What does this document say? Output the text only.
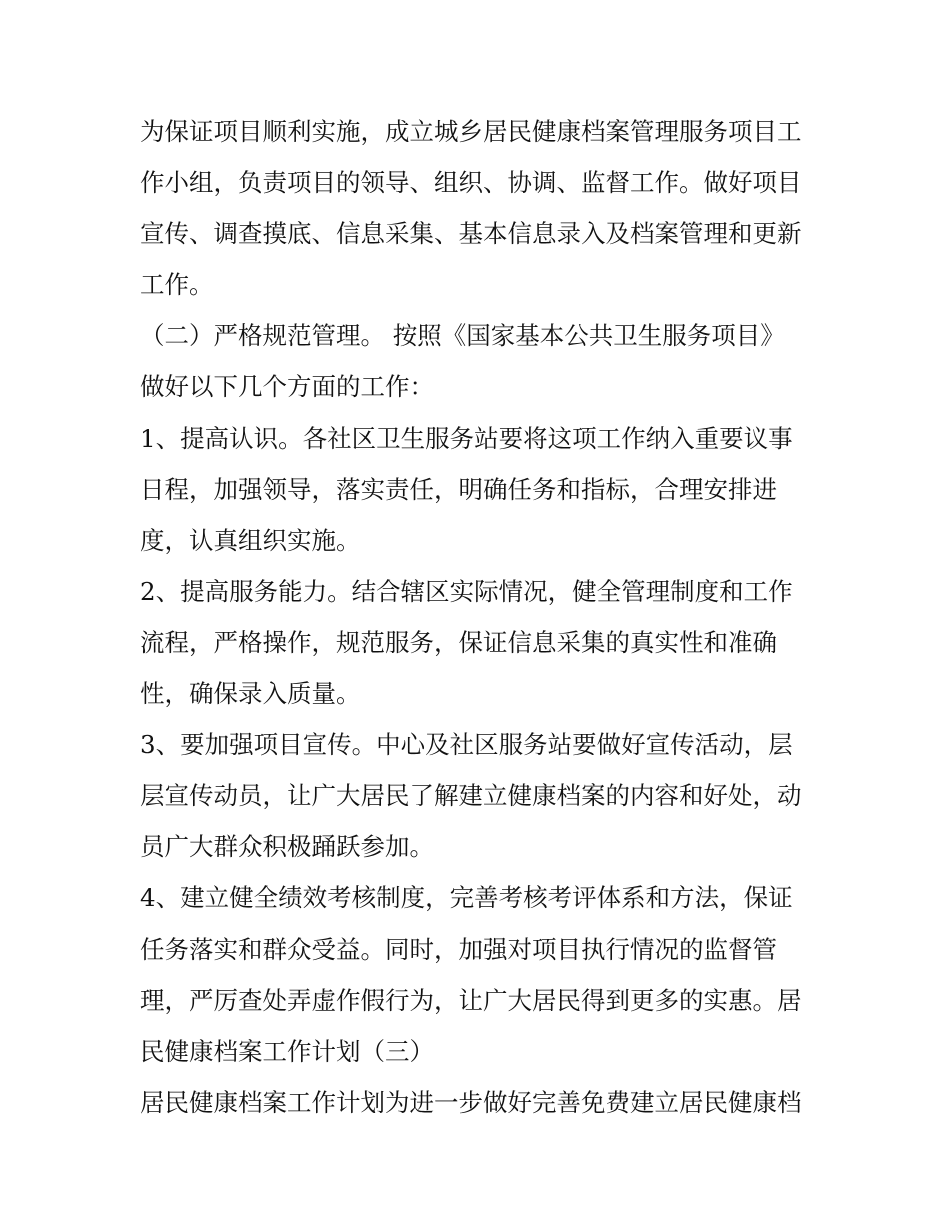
为保证项目顺利实施，成立城乡居民健康档案管理服务项目工
作小组，负责项目的领导、组织、协调、监督工作。做好项目
宣传、调查摸底、信息采集、基本信息录入及档案管理和更新
工作。
（二）严格规范管理。 按照《国家基本公共卫生服务项目》
做好以下几个方面的工作：
1、提高认识。各社区卫生服务站要将这项工作纳入重要议事
日程，加强领导，落实责任，明确任务和指标，合理安排进
度，认真组织实施。
2、提高服务能力。结合辖区实际情况，健全管理制度和工作
流程，严格操作，规范服务，保证信息采集的真实性和准确
性，确保录入质量。
3、要加强项目宣传。中心及社区服务站要做好宣传活动，层
层宣传动员，让广大居民了解建立健康档案的内容和好处，动
员广大群众积极踊跃参加。
4、建立健全绩效考核制度，完善考核考评体系和方法，保证
任务落实和群众受益。同时，加强对项目执行情况的监督管
理，严厉查处弄虚作假行为，让广大居民得到更多的实惠。居
民健康档案工作计划（三）
居民健康档案工作计划为进一步做好完善免费建立居民健康档
